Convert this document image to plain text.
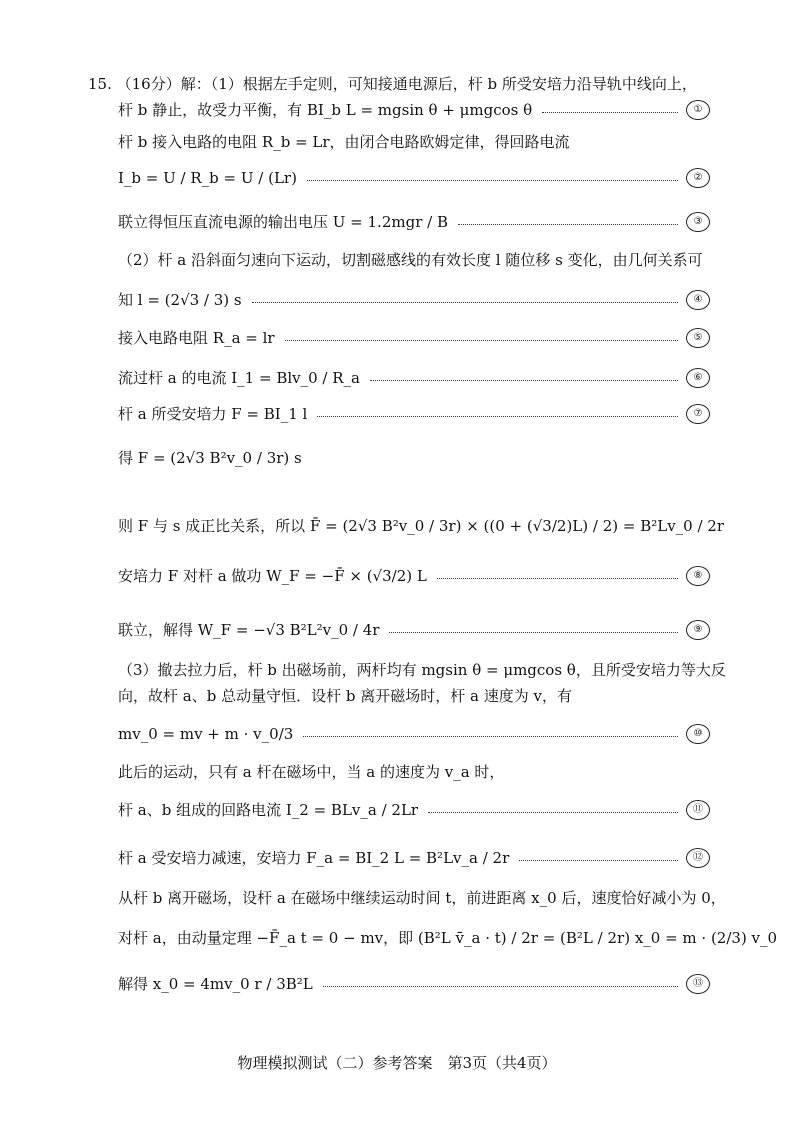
15. （16分）解：（1）根据左手定则，可知接通电源后，杆 b 所受安培力沿导轨中线向上，
杆 b 静止，故受力平衡，有 BI_b L = mgsin θ + μmgcos θ	①
杆 b 接入电路的电阻 R_b = Lr，由闭合电路欧姆定律，得回路电流
I_b = U / R_b = U / (Lr)	②
联立得恒压直流电源的输出电压 U = 1.2mgr / B	③
（2）杆 a 沿斜面匀速向下运动，切割磁感线的有效长度 l 随位移 s 变化，由几何关系可
知 l = (2√3 / 3) s	④
接入电路电阻 R_a = lr	⑤
流过杆 a 的电流 I_1 = Blv_0 / R_a	⑥
杆 a 所受安培力 F = BI_1 l	⑦
得 F = (2√3 B²v_0 / 3r) s
则 F 与 s 成正比关系，所以 F̄ = (2√3 B²v_0 / 3r) × ((0 + (√3/2)L) / 2) = B²Lv_0 / 2r
安培力 F 对杆 a 做功 W_F = −F̄ × (√3/2) L	⑧
联立，解得 W_F = −√3 B²L²v_0 / 4r	⑨
（3）撤去拉力后，杆 b 出磁场前，两杆均有 mgsin θ = μmgcos θ，且所受安培力等大反
向，故杆 a、b 总动量守恒．设杆 b 离开磁场时，杆 a 速度为 v，有
mv_0 = mv + m · v_0/3	⑩
此后的运动，只有 a 杆在磁场中，当 a 的速度为 v_a 时，
杆 a、b 组成的回路电流 I_2 = BLv_a / 2Lr	⑪
杆 a 受安培力减速，安培力 F_a = BI_2 L = B²Lv_a / 2r	⑫
从杆 b 离开磁场，设杆 a 在磁场中继续运动时间 t，前进距离 x_0 后，速度恰好减小为 0，
对杆 a，由动量定理 −F̄_a t = 0 − mv，即 (B²L v̄_a · t) / 2r = (B²L / 2r) x_0 = m · (2/3) v_0
解得 x_0 = 4mv_0 r / 3B²L	⑬
物理模拟测试（二）参考答案　第3页（共4页）
